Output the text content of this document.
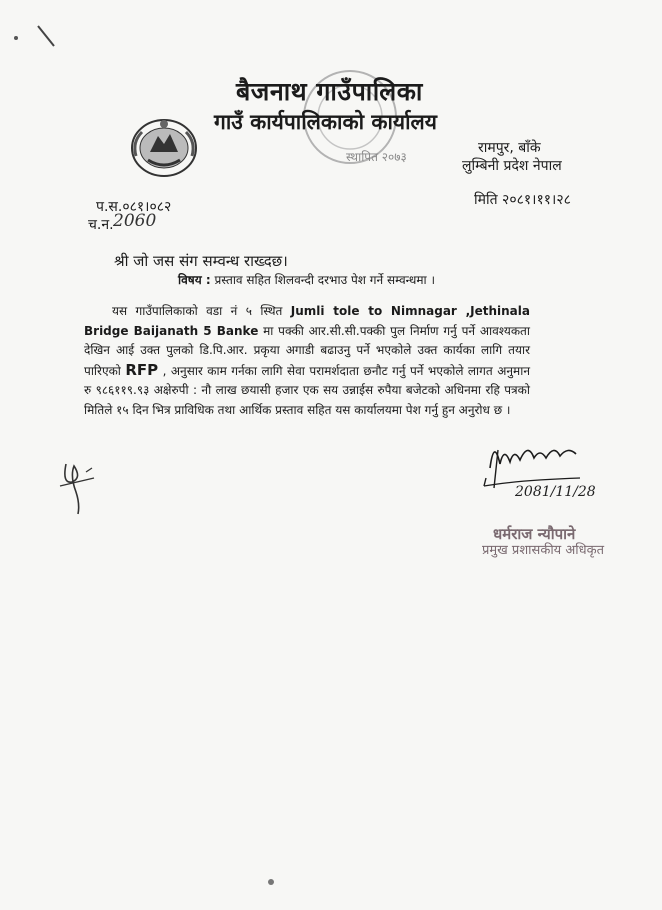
स्थापित २०७३
बैजनाथ गाउँपालिका
गाउँ कार्यपालिकाको कार्यालय
रामपुर, बाँके
लुम्बिनी प्रदेश नेपाल
मिति २०८१।११।२८
प.स.०८१।०८२
च.न. 2060
श्री जो जस संग सम्वन्ध राख्दछ।
विषय : प्रस्ताव सहित शिलवन्दी दरभाउ पेश गर्ने सम्वन्धमा ।
यस गाउँपालिकाको वडा नं ५ स्थित Jumli tole to Nimnagar ,Jethinala Bridge Baijanath 5 Banke मा पक्की आर.सी.सी.पक्की पुल निर्माण गर्नु पर्ने आवश्यकता देखिन आई उक्त पुलको डि.पि.आर. प्रकृया अगाडी बढाउनु पर्ने भएकोले उक्त कार्यका लागि तयार पारिएको RFP , अनुसार काम गर्नका लागि सेवा परामर्शदाता छनौट गर्नु पर्ने भएकोले लागत अनुमान रु ९८६११९.९३ अक्षेरुपी : नौ लाख छयासी हजार एक सय उन्नाईस रुपैया बजेटको अधिनमा रहि पत्रको मितिले १५ दिन भित्र प्राविधिक तथा आर्थिक प्रस्ताव सहित यस कार्यालयमा पेश गर्नु हुन अनुरोध छ ।
2081/11/28
धर्मराज न्यौपाने
प्रमुख प्रशासकीय अधिकृत
